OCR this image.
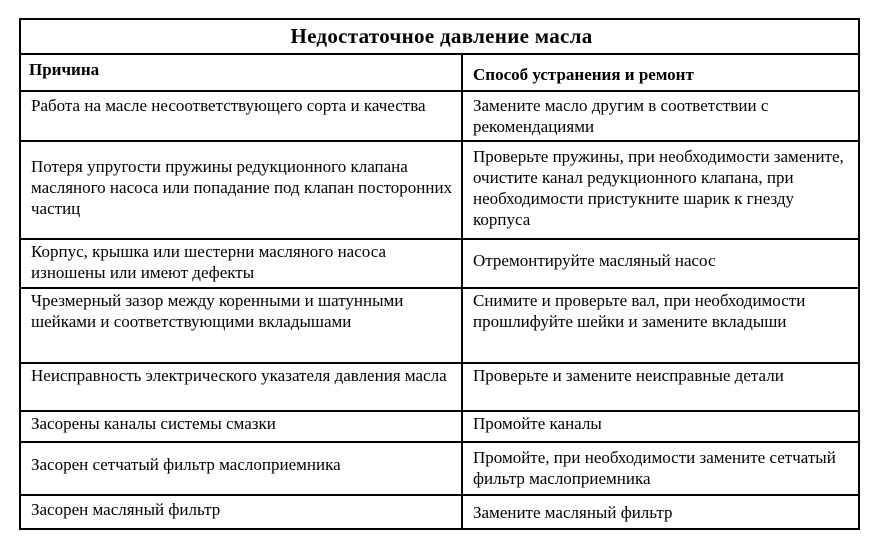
Недостаточное давление масла	
Причина	Способ устранения и ремонт
Работа на масле несоответствующего сорта и качества	Замените масло другим в соответствии с рекомендациями
Потеря упругости пружины редукционного клапана масляного насоса или попадание под клапан посторонних частиц	Проверьте пружины, при необходимости замените, очистите канал редукционного клапана, при необходимости пристукните шарик к гнезду корпуса
Корпус, крышка или шестерни масляного насоса изношены или имеют дефекты	Отремонтируйте масляный насос
Чрезмерный зазор между коренными и шатунными шейками и соответствующими вкладышами	Снимите и проверьте вал, при необходимости прошлифуйте шейки и замените вкладыши
Неисправность электрического указателя давления масла	Проверьте и замените неисправные детали
Засорены каналы системы смазки	Промойте каналы
Засорен сетчатый фильтр маслоприемника	Промойте, при необходимости замените сетчатый фильтр маслоприемника
Засорен масляный фильтр	Замените масляный фильтр
